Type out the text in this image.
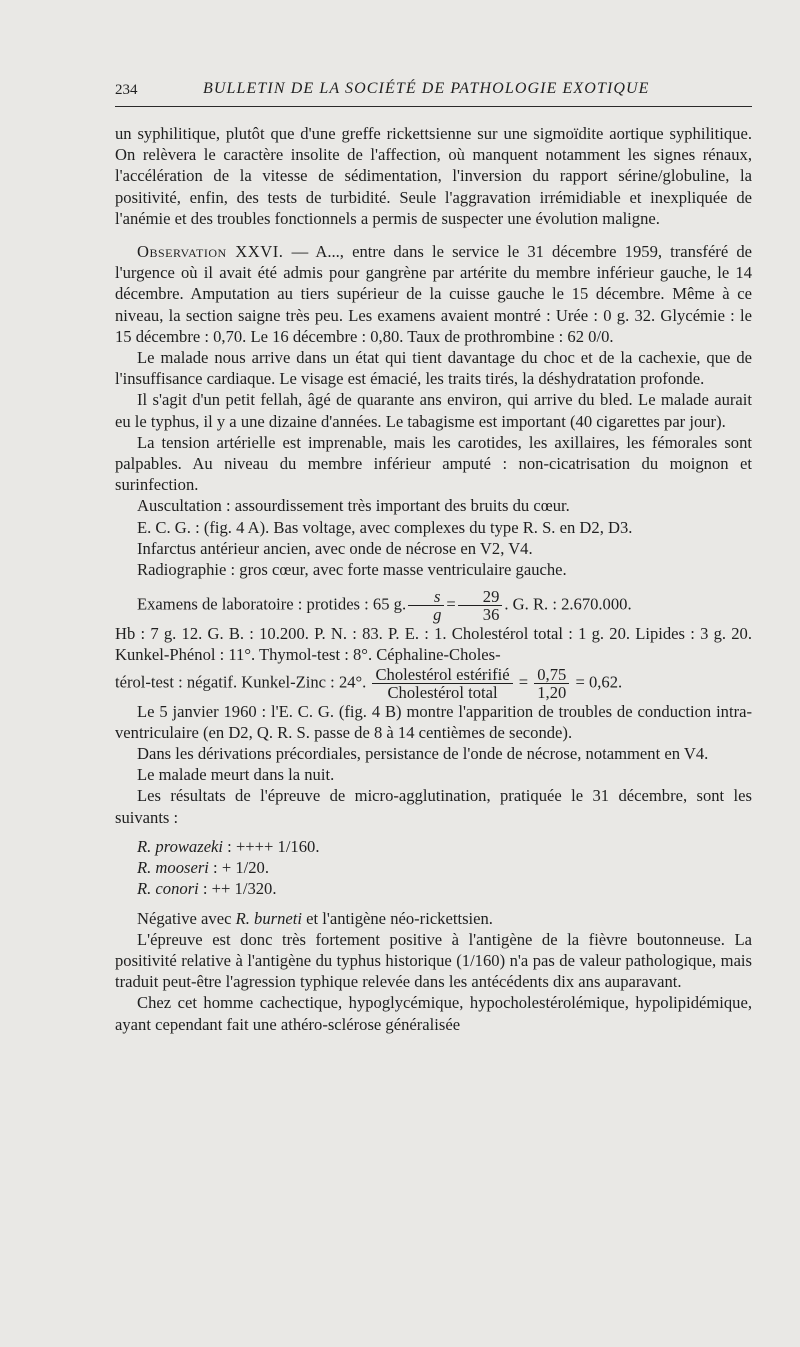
234	BULLETIN DE LA SOCIÉTÉ DE PATHOLOGIE EXOTIQUE

un syphilitique, plutôt que d'une greffe rickettsienne sur une sigmoïdite aortique syphilitique. On relèvera le caractère insolite de l'affection, où manquent notamment les signes rénaux, l'accélération de la vitesse de sédimentation, l'inversion du rapport sérine/globuline, la positivité, enfin, des tests de turbidité. Seule l'aggravation irrémidiable et inexpliquée de l'anémie et des troubles fonctionnels a permis de suspecter une évolution maligne.

Observation XXVI. — A..., entre dans le service le 31 décembre 1959, transféré de l'urgence où il avait été admis pour gangrène par artérite du membre inférieur gauche, le 14 décembre. Amputation au tiers supérieur de la cuisse gauche le 15 décembre. Même à ce niveau, la section saigne très peu. Les examens avaient montré : Urée : 0 g. 32. Glycémie : le 15 décembre : 0,70. Le 16 décembre : 0,80. Taux de prothrombine : 62 0/0.

Le malade nous arrive dans un état qui tient davantage du choc et de la cachexie, que de l'insuffisance cardiaque. Le visage est émacié, les traits tirés, la déshydratation profonde.

Il s'agit d'un petit fellah, âgé de quarante ans environ, qui arrive du bled. Le malade aurait eu le typhus, il y a une dizaine d'années. Le tabagisme est important (40 cigarettes par jour).

La tension artérielle est imprenable, mais les carotides, les axillaires, les fémorales sont palpables. Au niveau du membre inférieur amputé : non-cicatrisation du moignon et surinfection.

Auscultation : assourdissement très important des bruits du cœur.

E. C. G. : (fig. 4 A). Bas voltage, avec complexes du type R. S. en D2, D3.

Infarctus antérieur ancien, avec onde de nécrose en V2, V4.

Radiographie : gros cœur, avec forte masse ventriculaire gauche.

Examens de laboratoire : protides : 65 g. $\frac{s}{g} = \frac{29}{36}$ . G. R. : 2.670.000.

Hb : 7 g. 12. G. B. : 10.200. P. N. : 83. P. E. : 1. Cholestérol total : 1 g. 20. Lipides : 3 g. 20. Kunkel-Phénol : 11°. Thymol-test : 8°. Céphaline-Choles-

térol-test : négatif. Kunkel-Zinc : 24°. $\frac{\text{Cholestérol estérifié}}{\text{Cholestérol total}} = \frac{0,75}{1,20} = 0,62$.

Le 5 janvier 1960 : l'E. C. G. (fig. 4 B) montre l'apparition de troubles de conduction intra-ventriculaire (en D2, Q. R. S. passe de 8 à 14 centièmes de seconde).

Dans les dérivations précordiales, persistance de l'onde de nécrose, notamment en V4.

Le malade meurt dans la nuit.

Les résultats de l'épreuve de micro-agglutination, pratiquée le 31 décembre, sont les suivants :

R. prowazeki : ++++ 1/160.

R. mooseri : + 1/20.

R. conori : ++ 1/320.

Négative avec R. burneti et l'antigène néo-rickettsien.

L'épreuve est donc très fortement positive à l'antigène de la fièvre boutonneuse. La positivité relative à l'antigène du typhus historique (1/160) n'a pas de valeur pathologique, mais traduit peut-être l'agression typhique relevée dans les antécédents dix ans auparavant.

Chez cet homme cachectique, hypoglycémique, hypocholestérolémique, hypolipidémique, ayant cependant fait une athéro-sclérose généralisée
